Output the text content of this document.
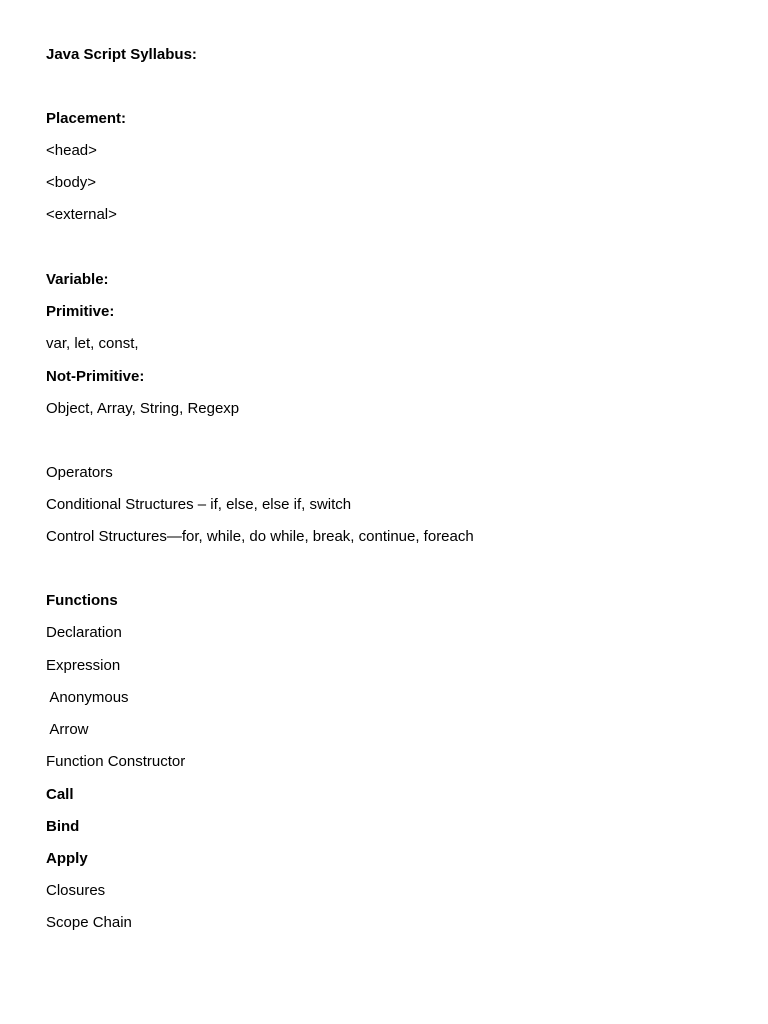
Java Script Syllabus:
Placement:
<head>
<body>
<external>
Variable:
Primitive:
var, let, const,
Not-Primitive:
Object, Array, String, Regexp
Operators
Conditional Structures – if, else, else if, switch
Control Structures—for, while, do while, break, continue, foreach
Functions
Declaration
Expression
Anonymous
Arrow
Function Constructor
Call
Bind
Apply
Closures
Scope Chain
